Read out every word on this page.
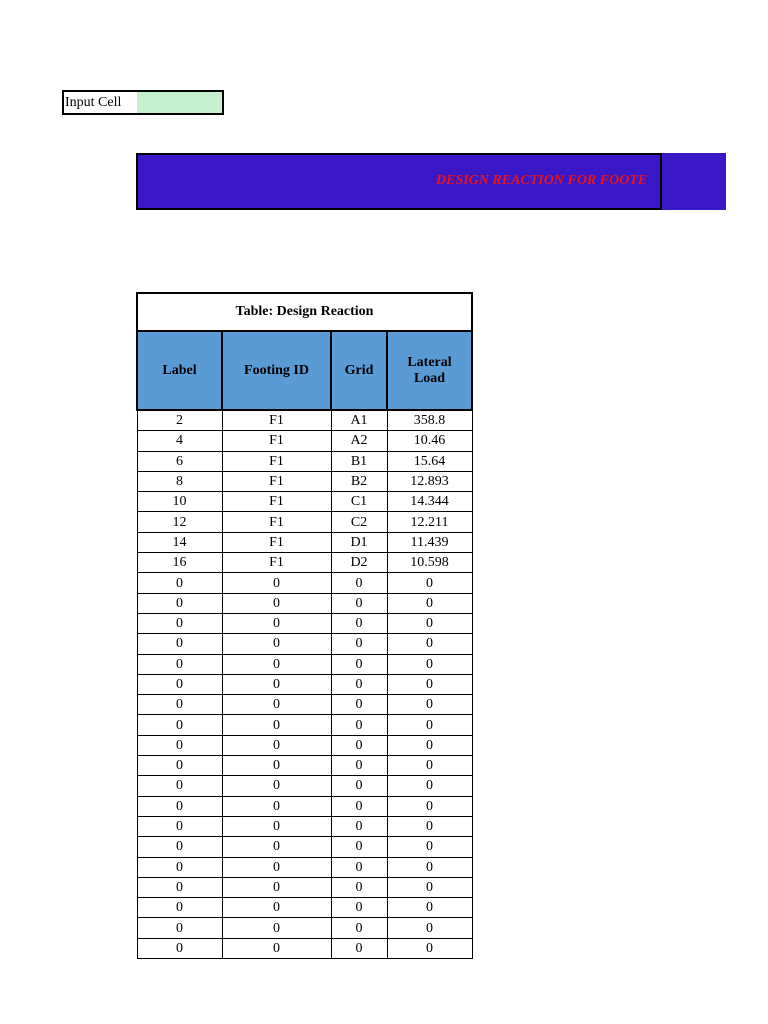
Input Cell
DESIGN REACTION FOR FOOTE
Table: Design Reaction			
Label	Footing ID	Grid	Lateral Load
2	F1	A1	358.8
4	F1	A2	10.46
6	F1	B1	15.64
8	F1	B2	12.893
10	F1	C1	14.344
12	F1	C2	12.211
14	F1	D1	11.439
16	F1	D2	10.598
0	0	0	0
0	0	0	0
0	0	0	0
0	0	0	0
0	0	0	0
0	0	0	0
0	0	0	0
0	0	0	0
0	0	0	0
0	0	0	0
0	0	0	0
0	0	0	0
0	0	0	0
0	0	0	0
0	0	0	0
0	0	0	0
0	0	0	0
0	0	0	0
0	0	0	0
